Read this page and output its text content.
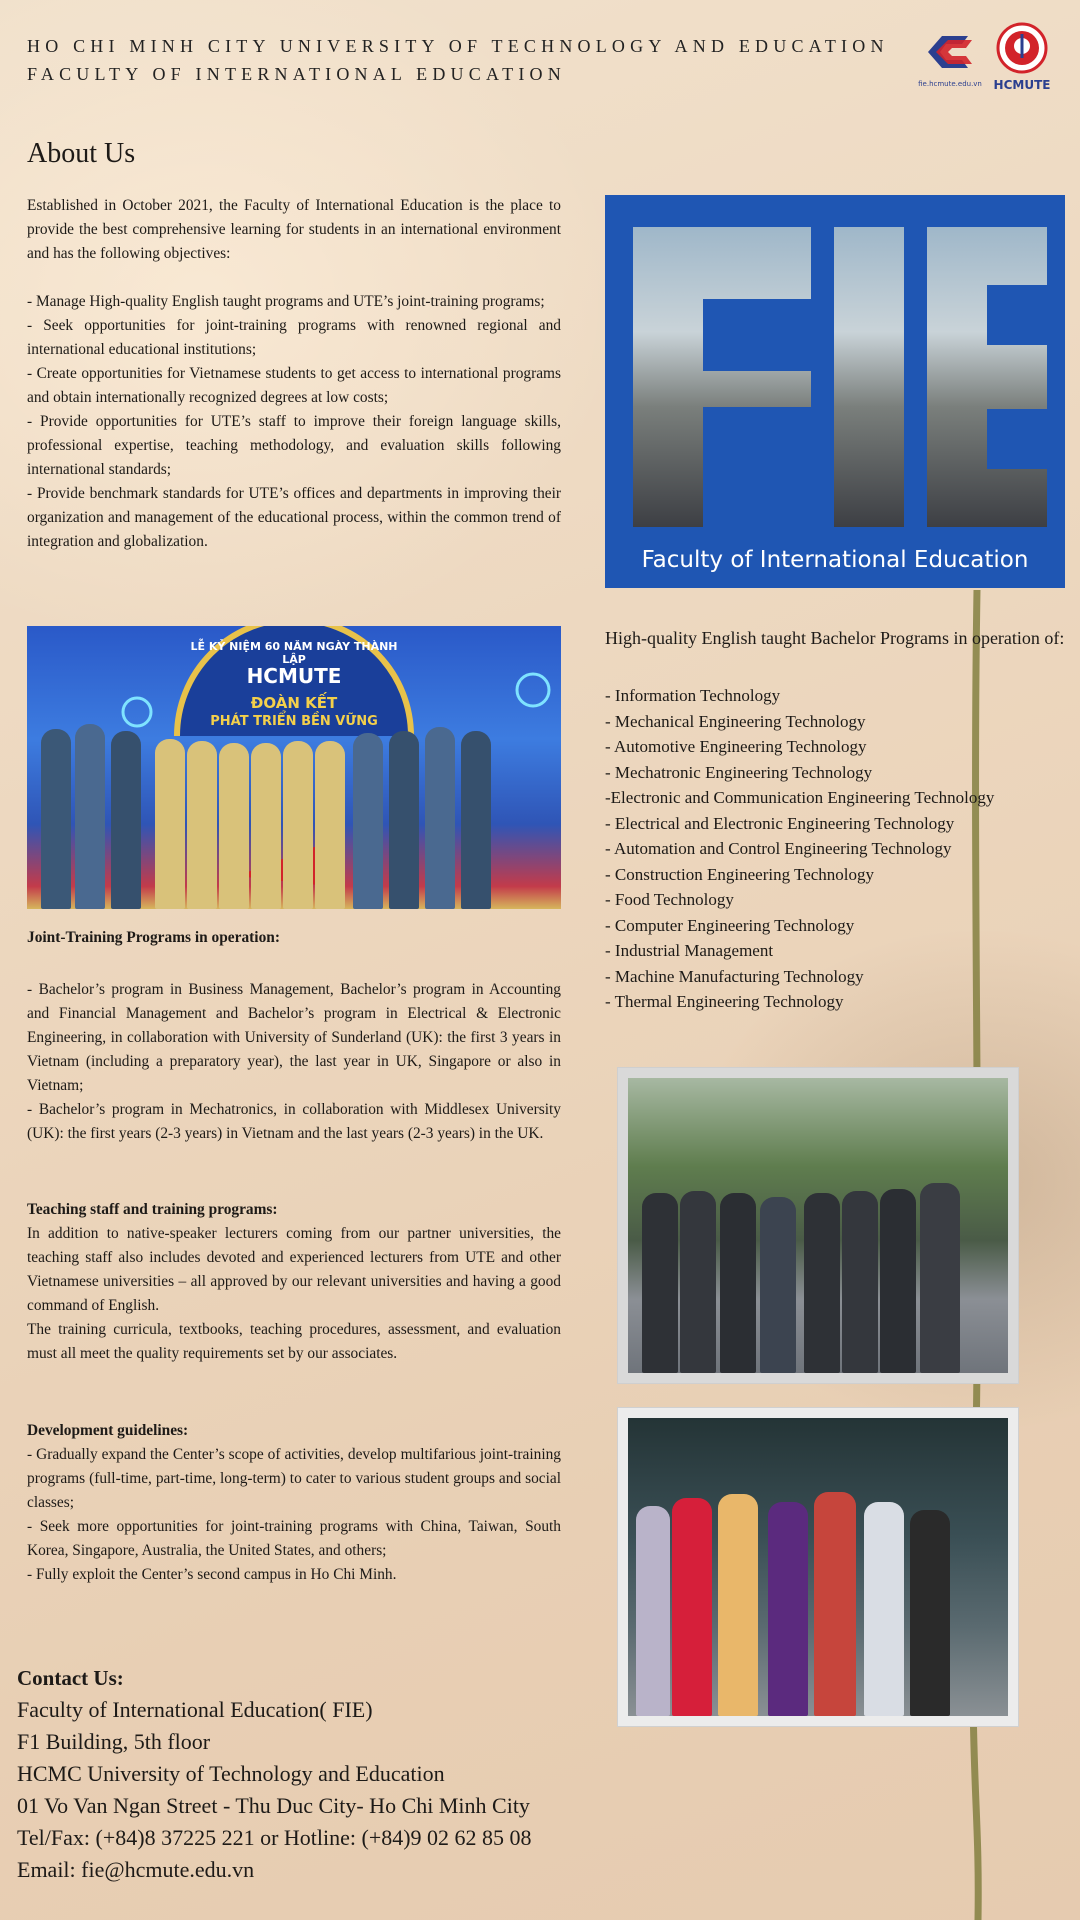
HO CHI MINH CITY UNIVERSITY OF TECHNOLOGY AND EDUCATION
FACULTY OF INTERNATIONAL EDUCATION	fie.hcmute.edu.vn HCMUTE
About Us

Established in October 2021, the Faculty of International Education is the place to provide the best comprehensive learning for students in an international environment and has the following objectives:

- Manage High-quality English taught programs and UTE’s joint-training programs;

- Seek opportunities for joint-training programs with renowned regional and international educational institutions;

- Create opportunities for Vietnamese students to get access to international programs and obtain internationally recognized degrees at low costs;

- Provide opportunities for UTE’s staff to improve their foreign language skills, professional expertise, teaching methodology, and evaluation skills following international standards;

- Provide benchmark standards for UTE’s offices and departments in improving their organization and management of the educational process, within the common trend of integration and globalization.

Faculty of International Education
LỄ KỶ NIỆM 60 NĂM NGÀY THÀNH LẬP
HCMUTE
ĐOÀN KẾT
PHÁT TRIỂN BỀN VỮNG

Joint-Training Programs in operation:

- Bachelor’s program in Business Management, Bachelor’s program in Accounting and Financial Management and Bachelor’s program in Electrical & Electronic Engineering, in collaboration with University of Sunderland (UK): the first 3 years in Vietnam (including a preparatory year), the last year in UK, Singapore or also in Vietnam;

- Bachelor’s program in Mechatronics, in collaboration with Middlesex University (UK): the first years (2-3 years) in Vietnam and the last years (2-3 years) in the UK.

Teaching staff and training programs:

In addition to native-speaker lecturers coming from our partner universities, the teaching staff also includes devoted and experienced lecturers from UTE and other Vietnamese universities – all approved by our relevant universities and having a good command of English.

The training curricula, textbooks, teaching procedures, assessment, and evaluation must all meet the quality requirements set by our associates.

Development guidelines:

- Gradually expand the Center’s scope of activities, develop multifarious joint-training programs (full-time, part-time, long-term) to cater to various student groups and social classes;

- Seek more opportunities for joint-training programs with China, Taiwan, South Korea, Singapore, Australia, the United States, and others;

- Fully exploit the Center’s second campus in Ho Chi Minh.

High-quality English taught Bachelor Programs in operation of:

- Information Technology
- Mechanical Engineering Technology
- Automotive Engineering Technology
- Mechatronic Engineering Technology
-Electronic and Communication Engineering Technology
- Electrical and Electronic Engineering Technology
- Automation and Control Engineering Technology
- Construction Engineering Technology
- Food Technology
- Computer Engineering Technology
- Industrial Management
- Machine Manufacturing Technology
- Thermal Engineering Technology
Contact Us:
Faculty of International Education( FIE)
F1 Building, 5th floor
HCMC University of Technology and Education
01 Vo Van Ngan Street - Thu Duc City- Ho Chi Minh City
Tel/Fax: (+84)8 37225 221 or Hotline: (+84)9 02 62 85 08
Email: fie@hcmute.edu.vn
